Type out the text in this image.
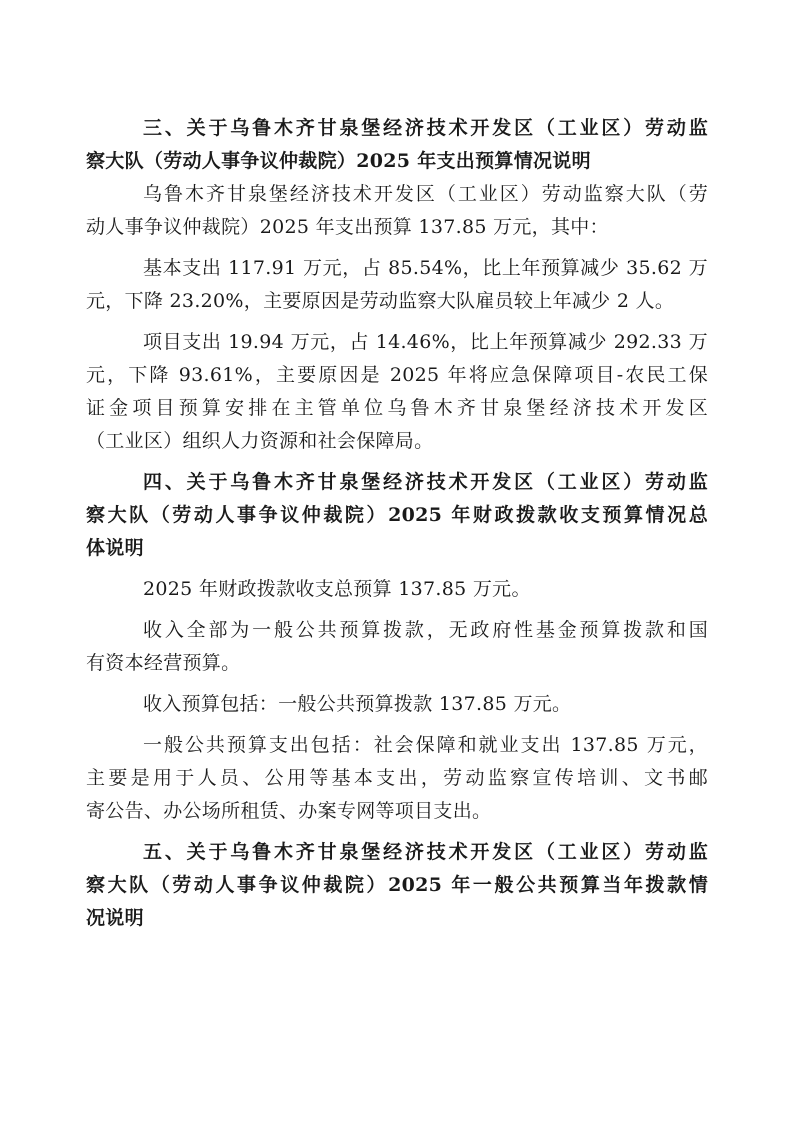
三、关于乌鲁木齐甘泉堡经济技术开发区（工业区）劳动监
察大队（劳动人事争议仲裁院）2025 年支出预算情况说明

乌鲁木齐甘泉堡经济技术开发区（工业区）劳动监察大队（劳
动人事争议仲裁院）2025 年支出预算 137.85 万元，其中：

基本支出 117.91 万元，占 85.54%，比上年预算减少 35.62 万
元，下降 23.20%，主要原因是劳动监察大队雇员较上年减少 2 人。

项目支出 19.94 万元，占 14.46%，比上年预算减少 292.33 万
元，下降 93.61%，主要原因是 2025 年将应急保障项目-农民工保
证金项目预算安排在主管单位乌鲁木齐甘泉堡经济技术开发区
（工业区）组织人力资源和社会保障局。

四、关于乌鲁木齐甘泉堡经济技术开发区（工业区）劳动监
察大队（劳动人事争议仲裁院）2025 年财政拨款收支预算情况总
体说明

2025 年财政拨款收支总预算 137.85 万元。

收入全部为一般公共预算拨款，无政府性基金预算拨款和国
有资本经营预算。

收入预算包括：一般公共预算拨款 137.85 万元。

一般公共预算支出包括：社会保障和就业支出 137.85 万元，
主要是用于人员、公用等基本支出，劳动监察宣传培训、文书邮
寄公告、办公场所租赁、办案专网等项目支出。

五、关于乌鲁木齐甘泉堡经济技术开发区（工业区）劳动监
察大队（劳动人事争议仲裁院）2025 年一般公共预算当年拨款情
况说明
